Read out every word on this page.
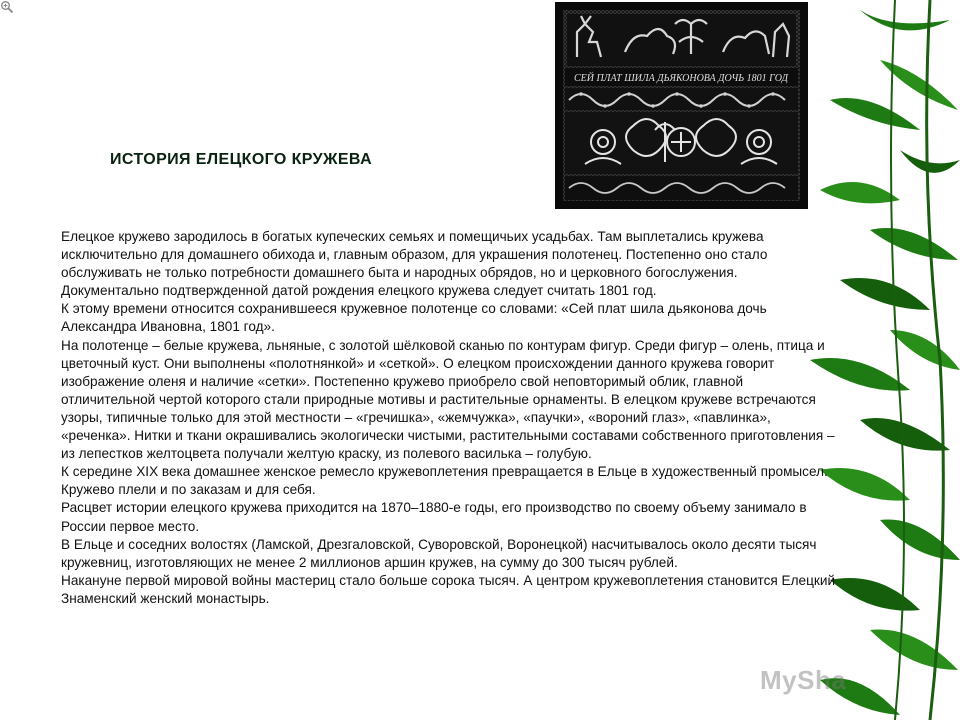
СЕЙ ПЛАТ ШИЛА ДЬЯКОНОВА ДОЧЬ 1801 ГОД
ИСТОРИЯ ЕЛЕЦКОГО КРУЖЕВА

Елецкое кружево зародилось в богатых купеческих семьях и помещичьих усадьбах. Там выплетались кружева исключительно для домашнего обихода и, главным образом, для украшения полотенец. Постепенно оно стало обслуживать не только потребности домашнего быта и народных обрядов, но и церковного богослужения. Документально подтвержденной датой рождения елецкого кружева следует считать 1801 год.

К этому времени относится сохранившееся кружевное полотенце со словами: «Сей плат шила дьяконова дочь Александра Ивановна, 1801 год».

На полотенце – белые кружева, льняные, с золотой шёлковой сканью по контурам фигур. Среди фигур – олень, птица и цветочный куст. Они выполнены «полотнянкой» и «сеткой». О елецком происхождении данного кружева говорит изображение оленя и наличие «сетки». Постепенно кружево приобрело свой неповторимый облик, главной отличительной чертой которого стали природные мотивы и растительные орнаменты. В елецком кружеве встречаются узоры, типичные только для этой местности – «гречишка», «жемчужка», «паучки», «вороний глаз», «павлинка», «реченка». Нитки и ткани окрашивались экологически чистыми, растительными составами собственного приготовления – из лепестков желтоцвета получали желтую краску, из полевого василька – голубую.

К середине XIX века домашнее женское ремесло кружевоплетения превращается в Ельце в художественный промысел. Кружево плели и по заказам и для себя.

Расцвет истории елецкого кружева приходится на 1870–1880-е годы, его производство по своему объему занимало в России первое место.

В Ельце и соседних волостях (Ламской, Дрезгаловской, Суворовской, Воронецкой) насчитывалось около десяти тысяч кружевниц, изготовляющих не менее 2 миллионов аршин кружев, на сумму до 300 тысяч рублей.

Накануне первой мировой войны мастериц стало больше сорока тысяч. А центром кружевоплетения становится Елецкий Знаменский женский монастырь.

MySha
